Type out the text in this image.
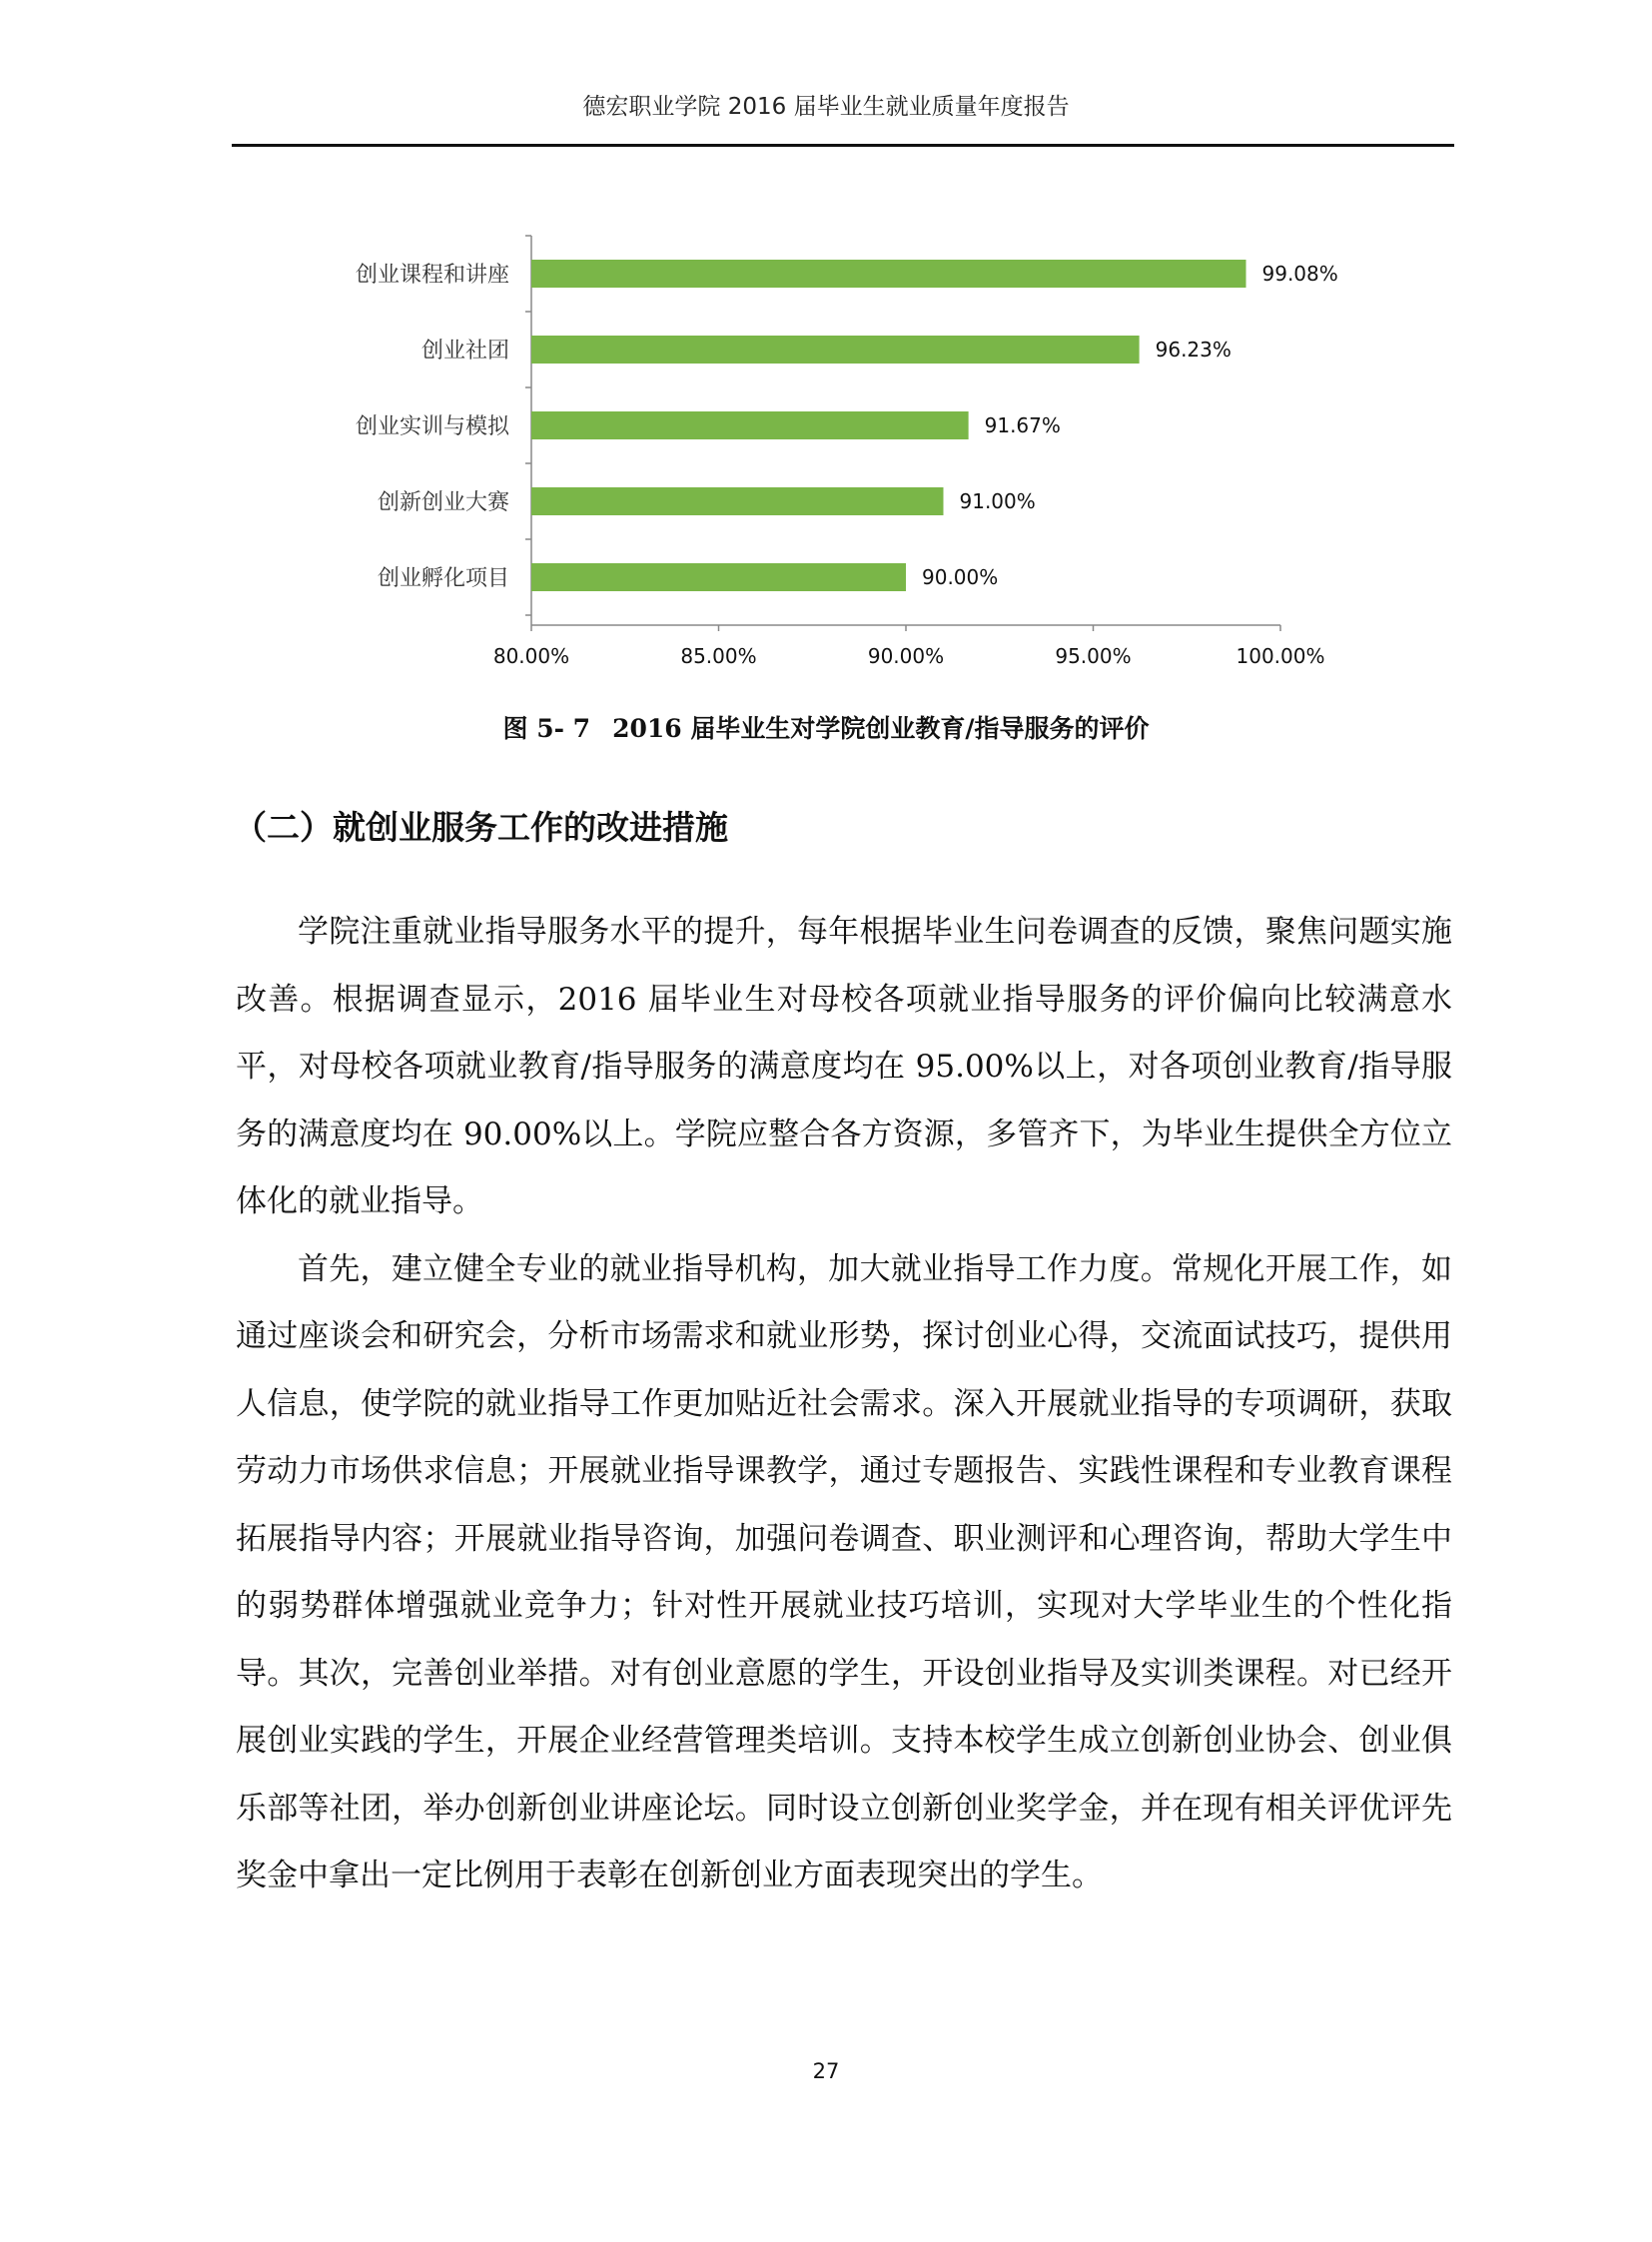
德宏职业学院 2016 届毕业生就业质量年度报告
80.00%	85.00%	90.00%	95.00%	100.00%
创业课程和讲座	99.08%
创业社团	96.23%
创业实训与模拟	91.67%
创新创业大赛	91.00%
创业孵化项目	90.00%
图 5- 7 2016 届毕业生对学院创业教育/指导服务的评价
（二）就创业服务工作的改进措施

学院注重就业指导服务水平的提升，每年根据毕业生问卷调查的反馈，聚焦问题实施改善。根据调查显示，2016 届毕业生对母校各项就业指导服务的评价偏向比较满意水平，对母校各项就业教育/指导服务的满意度均在 95.00%以上，对各项创业教育/指导服务的满意度均在 90.00%以上。学院应整合各方资源，多管齐下，为毕业生提供全方位立体化的就业指导。

首先，建立健全专业的就业指导机构，加大就业指导工作力度。常规化开展工作，如通过座谈会和研究会，分析市场需求和就业形势，探讨创业心得，交流面试技巧，提供用人信息，使学院的就业指导工作更加贴近社会需求。深入开展就业指导的专项调研，获取劳动力市场供求信息；开展就业指导课教学，通过专题报告、实践性课程和专业教育课程拓展指导内容；开展就业指导咨询，加强问卷调查、职业测评和心理咨询，帮助大学生中的弱势群体增强就业竞争力；针对性开展就业技巧培训，实现对大学毕业生的个性化指导。其次，完善创业举措。对有创业意愿的学生，开设创业指导及实训类课程。对已经开展创业实践的学生，开展企业经营管理类培训。支持本校学生成立创新创业协会、创业俱乐部等社团，举办创新创业讲座论坛。同时设立创新创业奖学金，并在现有相关评优评先奖金中拿出一定比例用于表彰在创新创业方面表现突出的学生。

27
